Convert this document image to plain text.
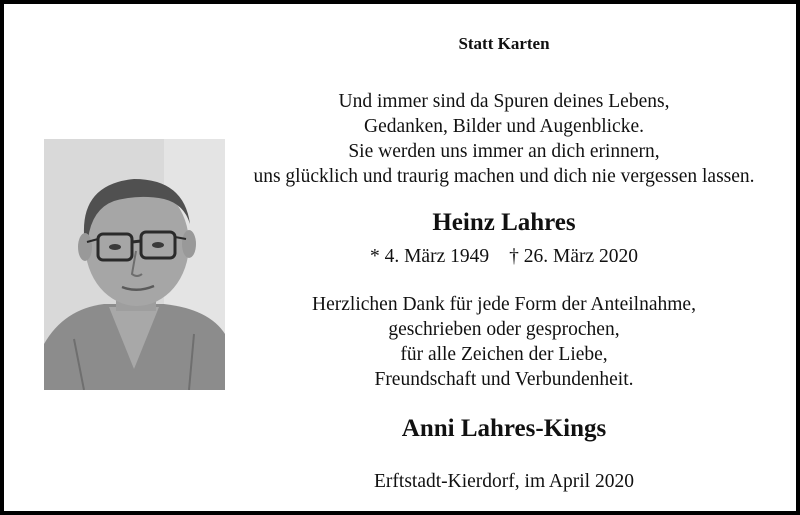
Statt Karten
Und immer sind da Spuren deines Lebens,
Gedanken, Bilder und Augenblicke.
Sie werden uns immer an dich erinnern,
uns glücklich und traurig machen und dich nie vergessen lassen.
Heinz Lahres
* 4. März 1949 † 26. März 2020
Herzlichen Dank für jede Form der Anteilnahme,
geschrieben oder gesprochen,
für alle Zeichen der Liebe,
Freundschaft und Verbundenheit.
Anni Lahres-Kings
Erftstadt-Kierdorf, im April 2020
